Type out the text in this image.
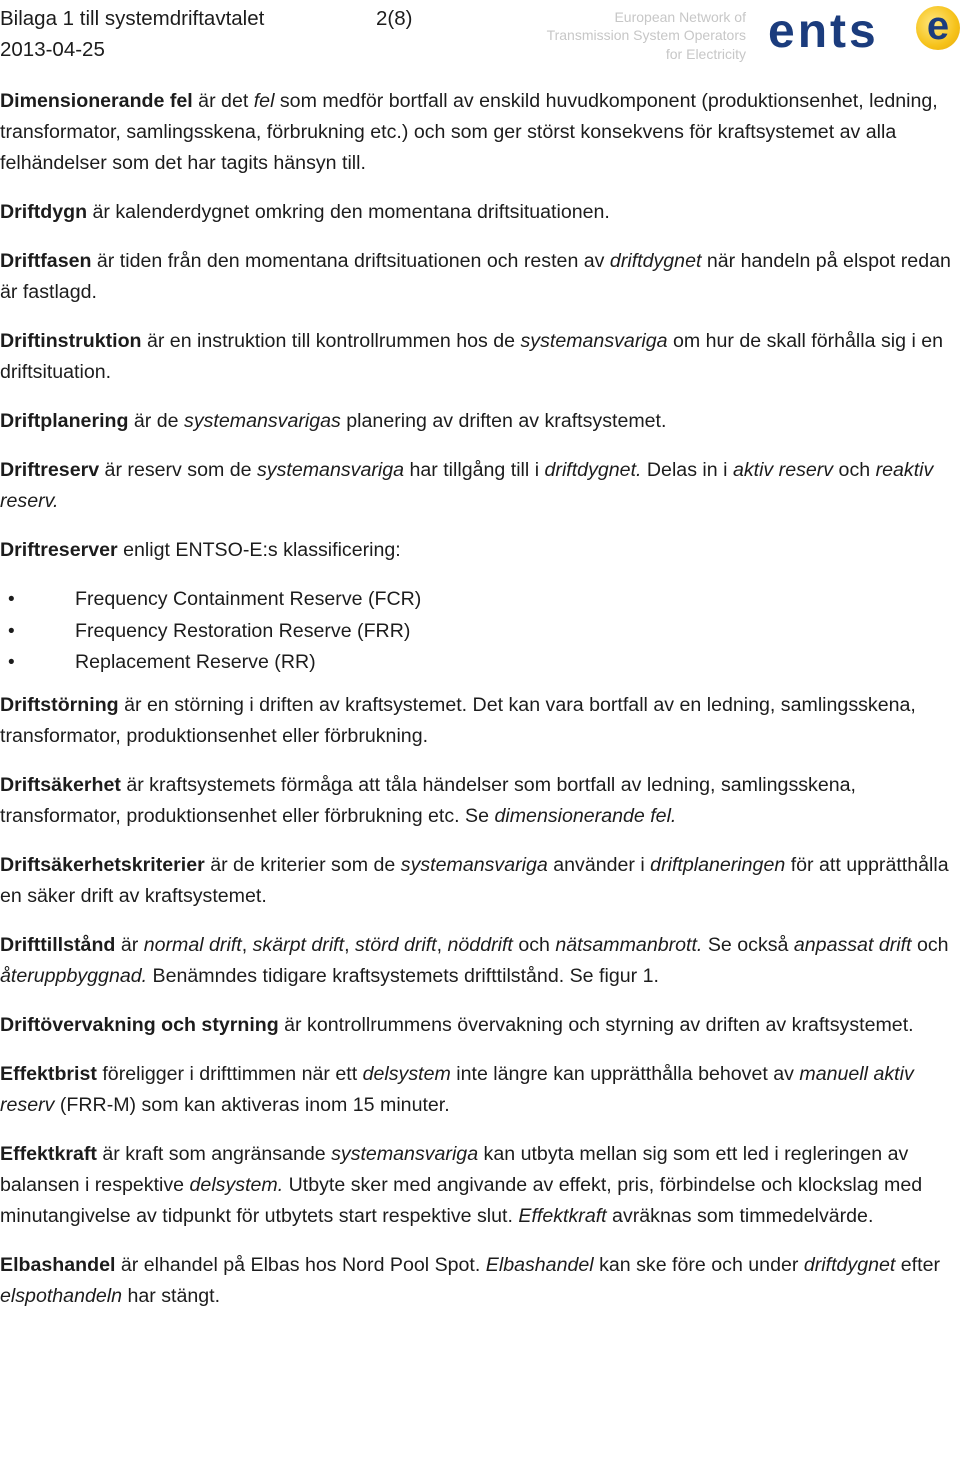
Bilaga 1 till systemdriftavtalet	2(8)
2013-04-25
European Network of
Transmission System Operators
for Electricity ents e

Dimensionerande fel är det fel som medför bortfall av enskild huvudkomponent (produktionsenhet, ledning, transformator, samlingsskena, förbrukning etc.) och som ger störst konsekvens för kraftsystemet av alla felhändelser som det har tagits hänsyn till.

Driftdygn är kalenderdygnet omkring den momentana driftsituationen.

Driftfasen är tiden från den momentana driftsituationen och resten av driftdygnet när handeln på elspot redan är fastlagd.

Driftinstruktion är en instruktion till kontrollrummen hos de systemansvariga om hur de skall förhålla sig i en driftsituation.

Driftplanering är de systemansvarigas planering av driften av kraftsystemet.

Driftreserv är reserv som de systemansvariga har tillgång till i driftdygnet. Delas in i aktiv reserv och reaktiv reserv.

Driftreserver enligt ENTSO-E:s klassificering:

•	Frequency Containment Reserve (FCR)
•	Frequency Restoration Reserve (FRR)
•	Replacement Reserve (RR)

Driftstörning är en störning i driften av kraftsystemet. Det kan vara bortfall av en ledning, samlingsskena, transformator, produktionsenhet eller förbrukning.

Driftsäkerhet är kraftsystemets förmåga att tåla händelser som bortfall av ledning, samlingsskena, transformator, produktionsenhet eller förbrukning etc. Se dimensionerande fel.

Driftsäkerhetskriterier är de kriterier som de systemansvariga använder i driftplaneringen för att upprätthålla en säker drift av kraftsystemet.

Drifttillstånd är normal drift, skärpt drift, störd drift, nöddrift och nätsammanbrott. Se också anpassat drift och återuppbyggnad. Benämndes tidigare kraftsystemets drifttilstånd. Se figur 1.

Driftövervakning och styrning är kontrollrummens övervakning och styrning av driften av kraftsystemet.

Effektbrist föreligger i drifttimmen när ett delsystem inte längre kan upprätthålla behovet av manuell aktiv reserv (FRR-M) som kan aktiveras inom 15 minuter.

Effektkraft är kraft som angränsande systemansvariga kan utbyta mellan sig som ett led i regleringen av balansen i respektive delsystem. Utbyte sker med angivande av effekt, pris, förbindelse och klockslag med minutangivelse av tidpunkt för utbytets start respektive slut. Effektkraft avräknas som timmedelvärde.

Elbashandel är elhandel på Elbas hos Nord Pool Spot. Elbashandel kan ske före och under driftdygnet efter elspothandeln har stängt.
